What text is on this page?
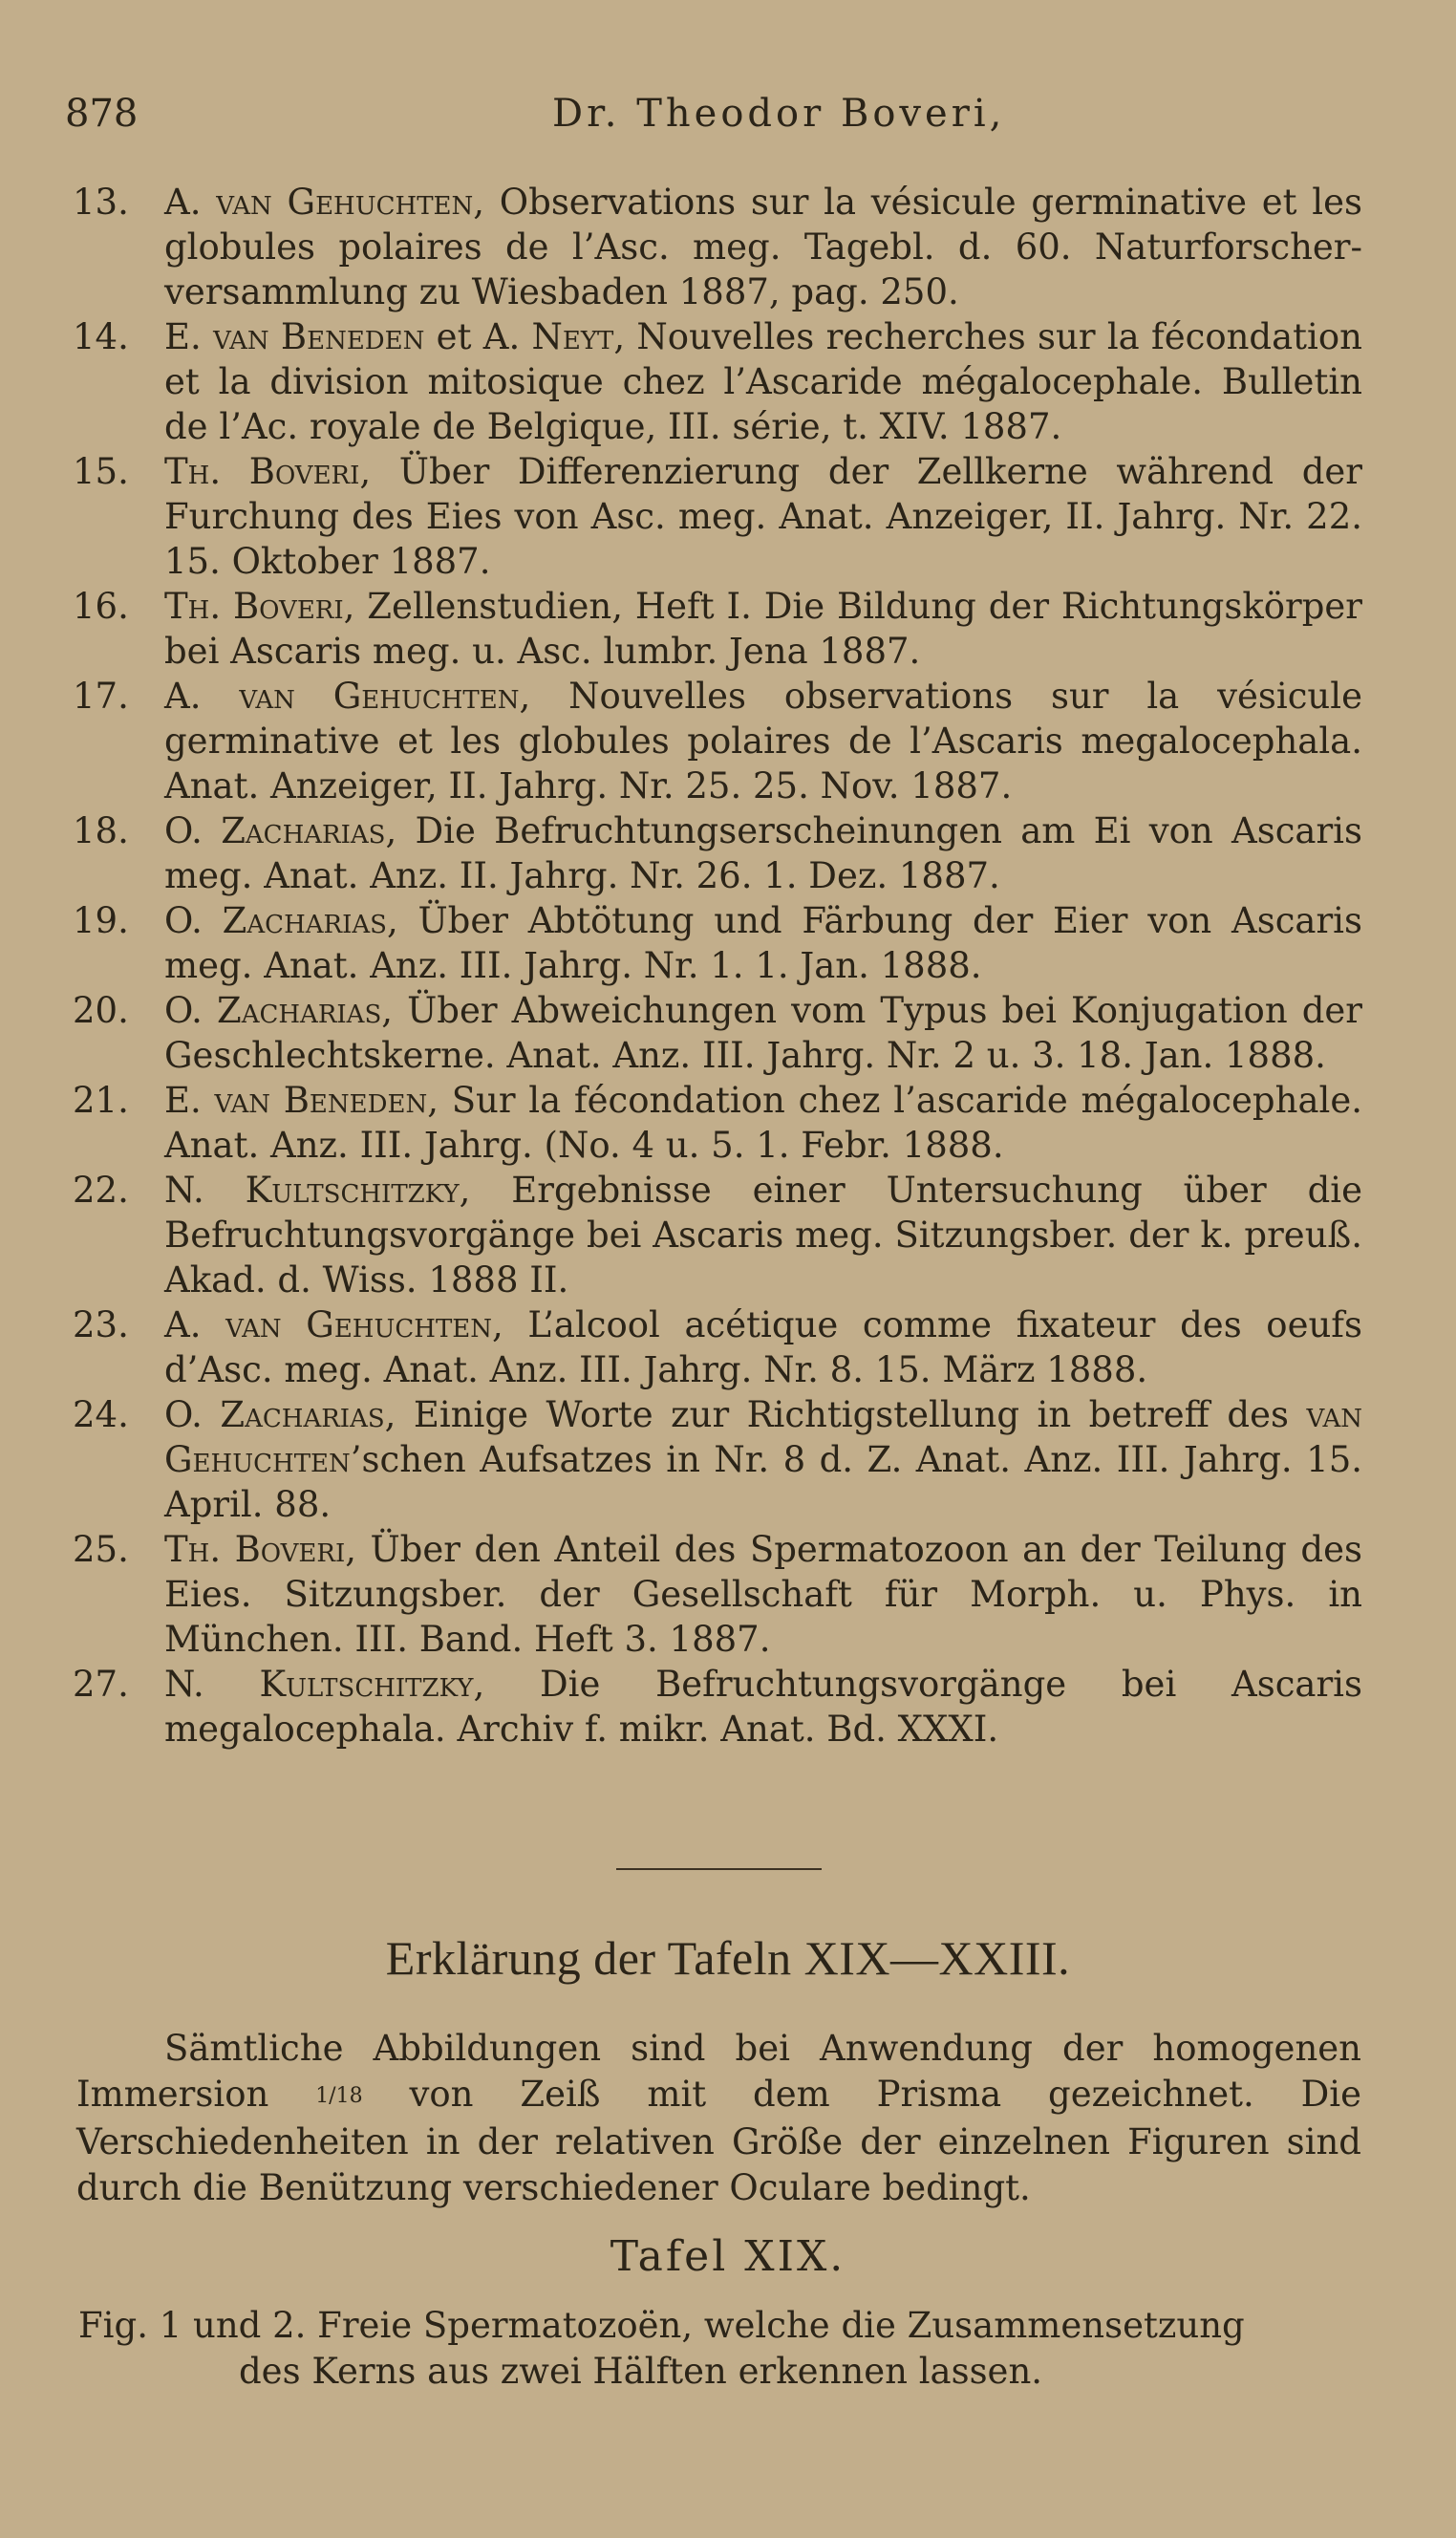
878	Dr. Theodor Boveri,
13. A. van Gehuchten, Observations sur la vésicule germinative et les globules polaires de l’Asc. meg. Tagebl. d. 60. Naturforscher-versammlung zu Wiesbaden 1887, pag. 250.
14. E. van Beneden et A. Neyt, Nouvelles recherches sur la fécondation et la division mitosique chez l’Ascaride mégalocephale. Bulletin de l’Ac. royale de Belgique, III. série, t. XIV. 1887.
15. Th. Boveri, Über Differenzierung der Zellkerne während der Furchung des Eies von Asc. meg. Anat. Anzeiger, II. Jahrg. Nr. 22. 15. Oktober 1887.
16. Th. Boveri, Zellenstudien, Heft I. Die Bildung der Richtungskörper bei Ascaris meg. u. Asc. lumbr. Jena 1887.
17. A. van Gehuchten, Nouvelles observations sur la vésicule germinative et les globules polaires de l’Ascaris megalocephala. Anat. Anzeiger, II. Jahrg. Nr. 25. 25. Nov. 1887.
18. O. Zacharias, Die Befruchtungserscheinungen am Ei von Ascaris meg. Anat. Anz. II. Jahrg. Nr. 26. 1. Dez. 1887.
19. O. Zacharias, Über Abtötung und Färbung der Eier von Ascaris meg. Anat. Anz. III. Jahrg. Nr. 1. 1. Jan. 1888.
20. O. Zacharias, Über Abweichungen vom Typus bei Konjugation der Geschlechtskerne. Anat. Anz. III. Jahrg. Nr. 2 u. 3. 18. Jan. 1888.
21. E. van Beneden, Sur la fécondation chez l’ascaride mégalocephale. Anat. Anz. III. Jahrg. (No. 4 u. 5. 1. Febr. 1888.
22. N. Kultschitzky, Ergebnisse einer Untersuchung über die Befruchtungsvorgänge bei Ascaris meg. Sitzungsber. der k. preuß. Akad. d. Wiss. 1888 II.
23. A. van Gehuchten, L’alcool acétique comme fixateur des oeufs d’Asc. meg. Anat. Anz. III. Jahrg. Nr. 8. 15. März 1888.
24. O. Zacharias, Einige Worte zur Richtigstellung in betreff des van Gehuchten’schen Aufsatzes in Nr. 8 d. Z. Anat. Anz. III. Jahrg. 15. April. 88.
25. Th. Boveri, Über den Anteil des Spermatozoon an der Teilung des Eies. Sitzungsber. der Gesellschaft für Morph. u. Phys. in München. III. Band. Heft 3. 1887.
27. N. Kultschitzky, Die Befruchtungsvorgänge bei Ascaris megalocephala. Archiv f. mikr. Anat. Bd. XXXI.
Erklärung der Tafeln XIX—XXIII.
Sämtliche Abbildungen sind bei Anwendung der homogenen Immersion 1/18 von Zeiß mit dem Prisma gezeichnet. Die Verschiedenheiten in der relativen Größe der einzelnen Figuren sind durch die Benützung verschiedener Oculare bedingt.
Tafel XIX.
Fig. 1 und 2. Freie Spermatozoën, welche die Zusammensetzung
des Kerns aus zwei Hälften erkennen lassen.
